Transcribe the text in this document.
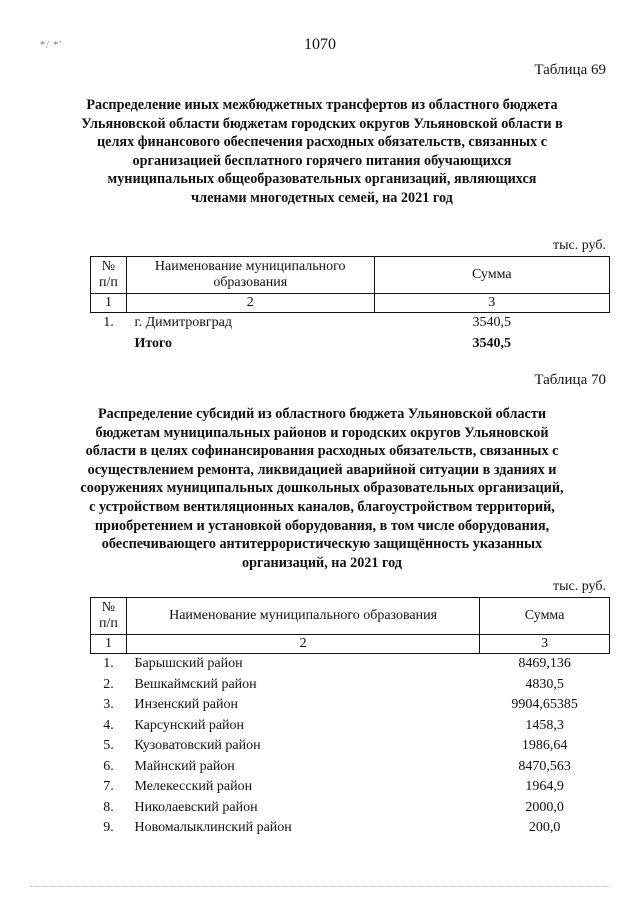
*/ *'	1070
Таблица 69
Распределение иных межбюджетных трансфертов из областного бюджета Ульяновской области бюджетам городских округов Ульяновской области в целях финансового обеспечения расходных обязательств, связанных с организацией бесплатного горячего питания обучающихся муниципальных общеобразовательных организаций, являющихся членами многодетных семей, на 2021 год
тыс. руб.
№ п/п	Наименование муниципального образования	Сумма
1	2	3
1.	г. Димитровград	3540,5
	Итого	3540,5
Таблица 70
Распределение субсидий из областного бюджета Ульяновской области бюджетам муниципальных районов и городских округов Ульяновской области в целях софинансирования расходных обязательств, связанных с осуществлением ремонта, ликвидацией аварийной ситуации в зданиях и сооружениях муниципальных дошкольных образовательных организаций, с устройством вентиляционных каналов, благоустройством территорий, приобретением и установкой оборудования, в том числе оборудования, обеспечивающего антитеррористическую защищённость указанных организаций, на 2021 год
тыс. руб.
№ п/п	Наименование муниципального образования	Сумма
1	2	3
1.	Барышский район	8469,136
2.	Вешкаймский район	4830,5
3.	Инзенский район	9904,65385
4.	Карсунский район	1458,3
5.	Кузоватовский район	1986,64
6.	Майнский район	8470,563
7.	Мелекесский район	1964,9
8.	Николаевский район	2000,0
9.	Новомалыклинский район	200,0
